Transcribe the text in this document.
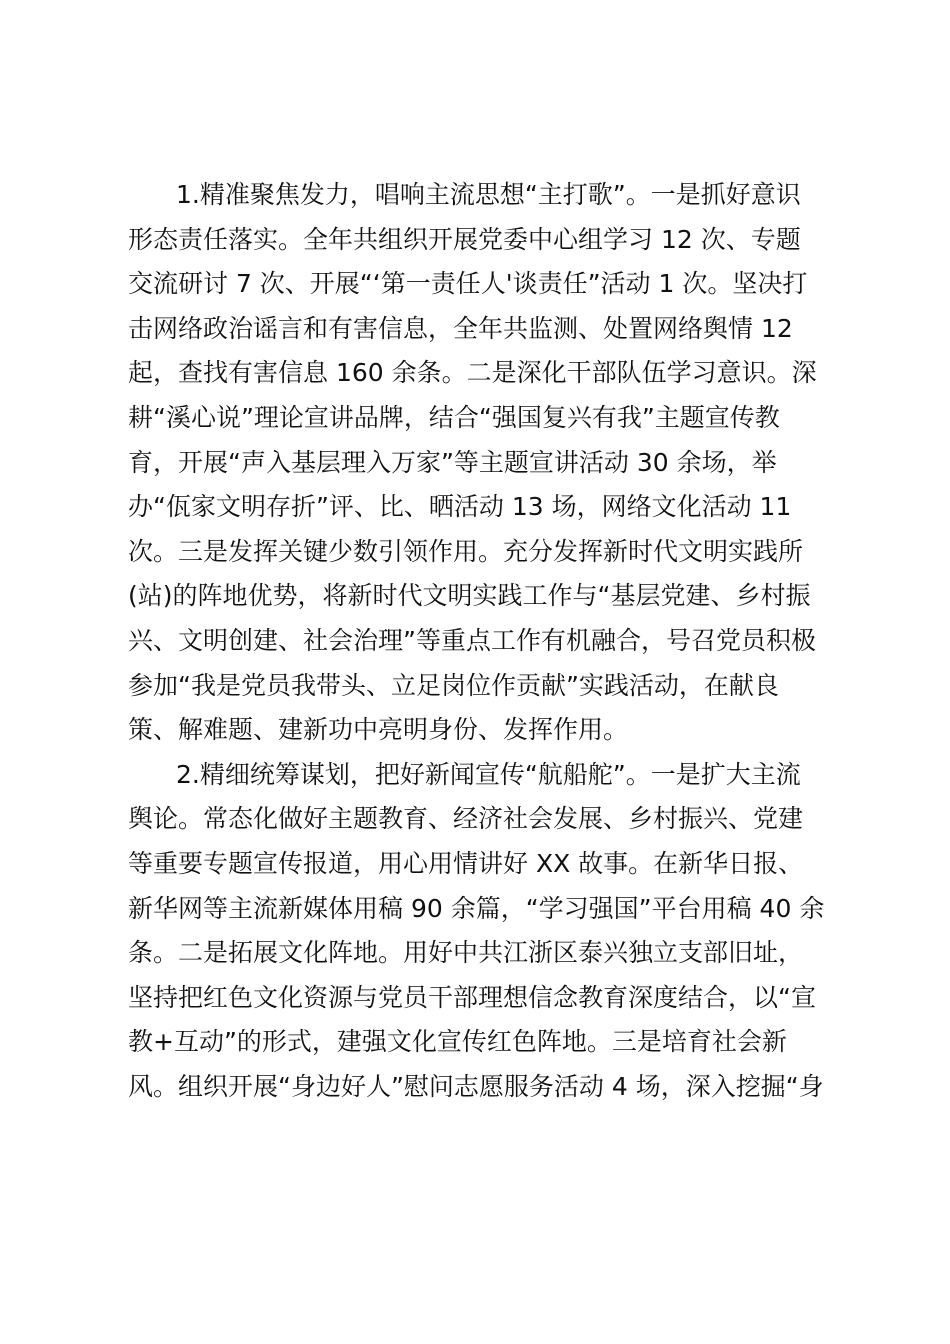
1.精准聚焦发力，唱响主流思想“主打歌”。一是抓好意识
形态责任落实。全年共组织开展党委中心组学习 12 次、专题
交流研讨 7 次、开展“‘第一责任人'谈责任”活动 1 次。坚决打
击网络政治谣言和有害信息，全年共监测、处置网络舆情 12
起，查找有害信息 160 余条。二是深化干部队伍学习意识。深
耕“溪心说”理论宣讲品牌，结合“强国复兴有我”主题宣传教
育，开展“声入基层理入万家”等主题宣讲活动 30 余场，举
办“佤家文明存折”评、比、晒活动 13 场，网络文化活动 11
次。三是发挥关键少数引领作用。充分发挥新时代文明实践所
(站)的阵地优势，将新时代文明实践工作与“基层党建、乡村振
兴、文明创建、社会治理”等重点工作有机融合，号召党员积极
参加“我是党员我带头、立足岗位作贡献”实践活动，在献良
策、解难题、建新功中亮明身份、发挥作用。
2.精细统筹谋划，把好新闻宣传“航船舵”。一是扩大主流
舆论。常态化做好主题教育、经济社会发展、乡村振兴、党建
等重要专题宣传报道，用心用情讲好 XX 故事。在新华日报、
新华网等主流新媒体用稿 90 余篇，“学习强国”平台用稿 40 余
条。二是拓展文化阵地。用好中共江浙区泰兴独立支部旧址，
坚持把红色文化资源与党员干部理想信念教育深度结合，以“宣
教+互动”的形式，建强文化宣传红色阵地。三是培育社会新
风。组织开展“身边好人”慰问志愿服务活动 4 场，深入挖掘“身
